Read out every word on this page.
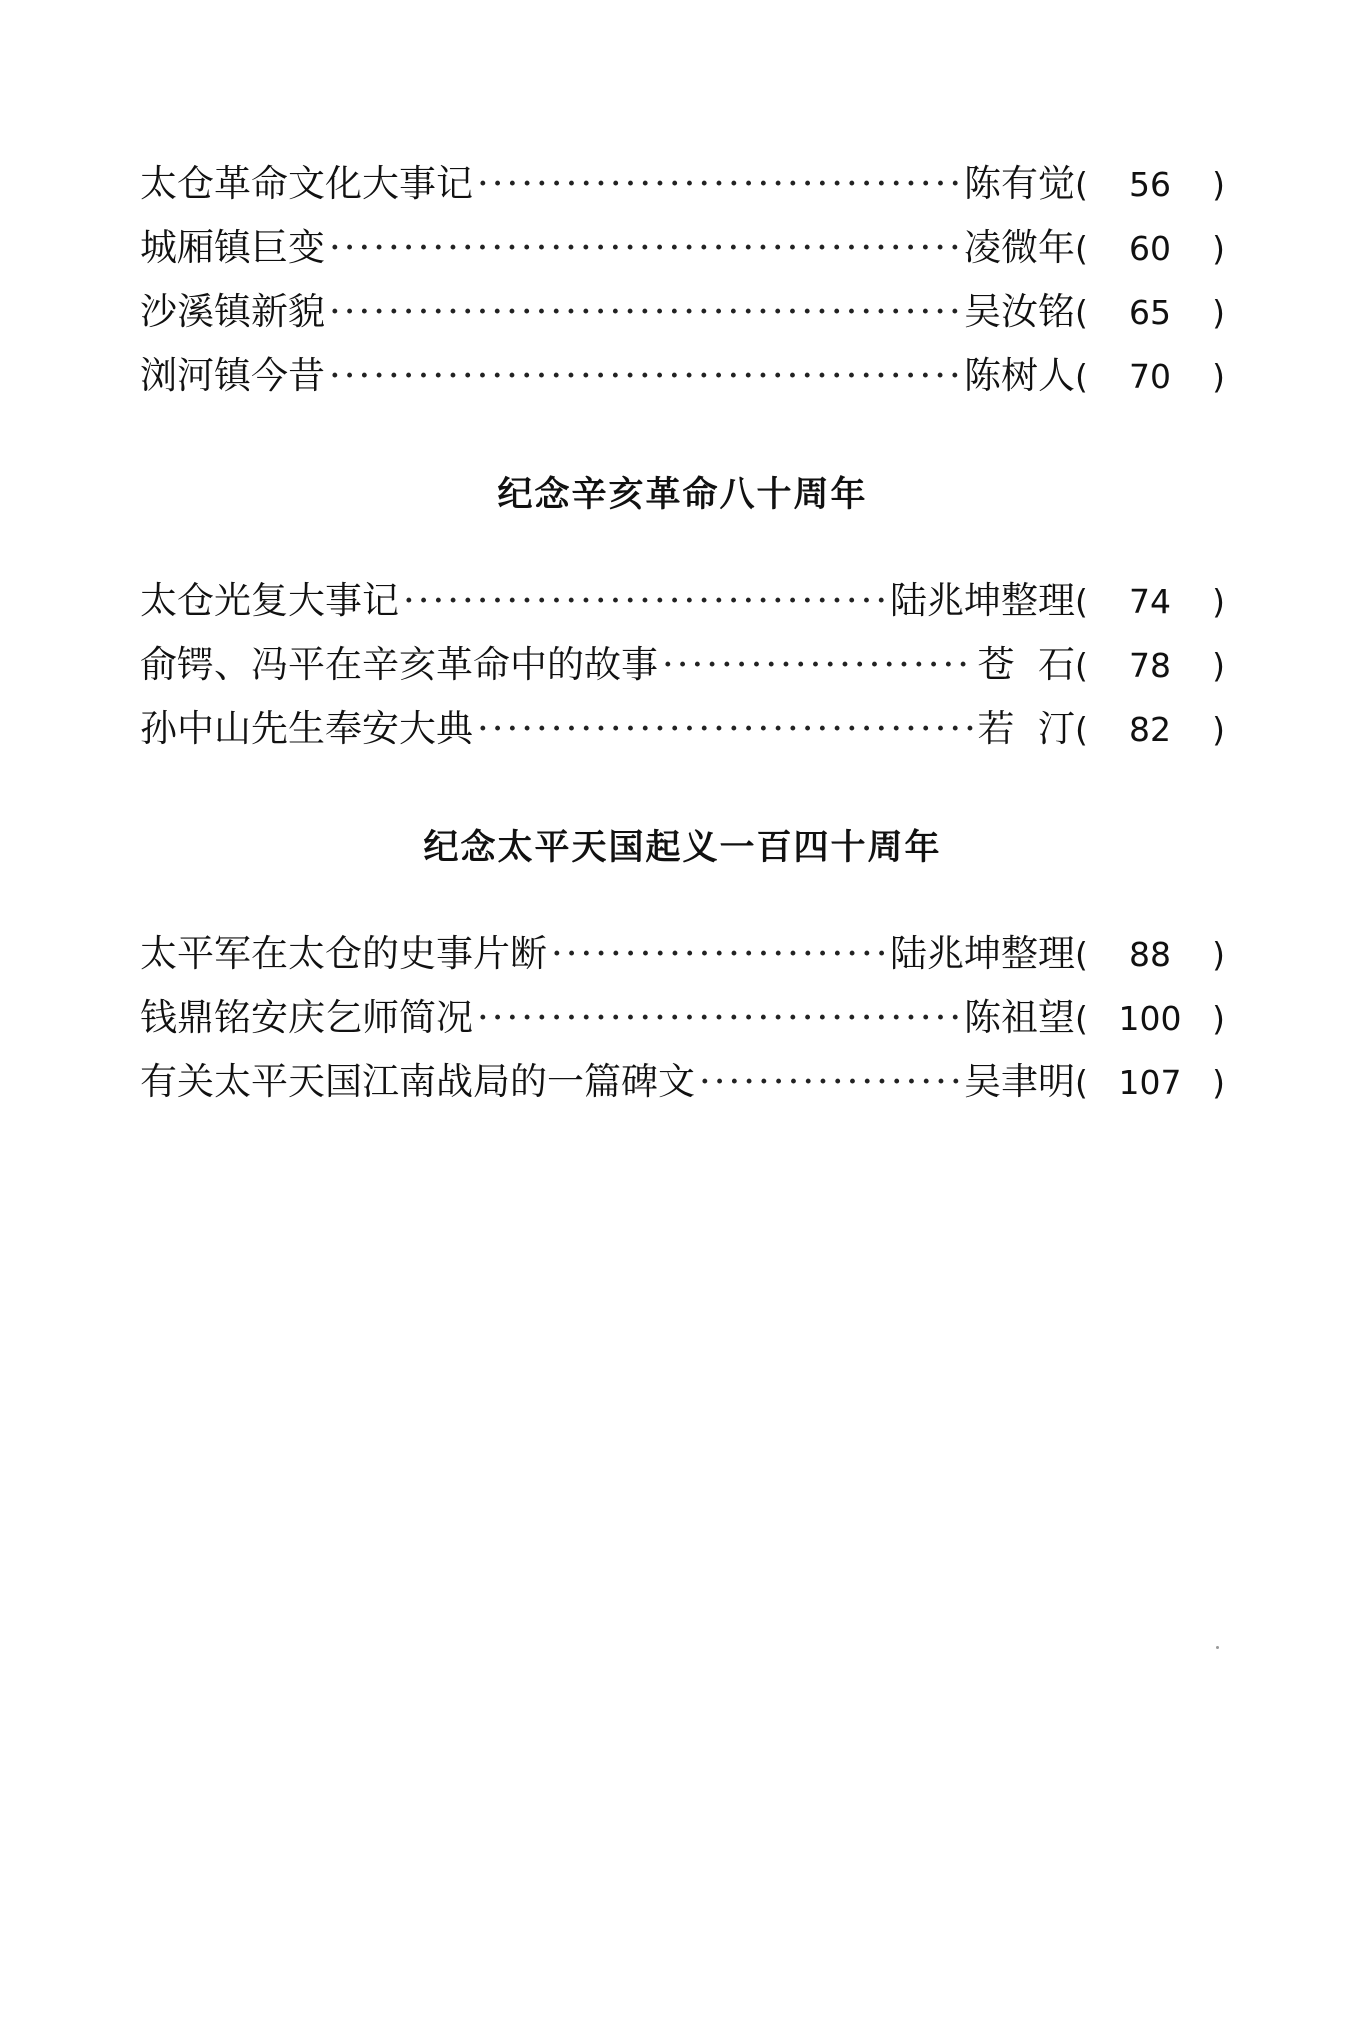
太仓革命文化大事记 ·····	陈有觉 (	56	)
城厢镇巨变 ·····	凌微年 (	60	)
沙溪镇新貌 ·····	吴汝铭 (	65	)
浏河镇今昔 ·····	陈树人 (	70	)
纪念辛亥革命八十周年
太仓光复大事记 ·····	陆兆坤整理 (	74	)
俞锷、冯平在辛亥革命中的故事 ·····	苍  石 (	78	)
孙中山先生奉安大典 ·····	若  汀 (	82	)
纪念太平天国起义一百四十周年
太平军在太仓的史事片断 ·····	陆兆坤整理 (	88	)
钱鼎铭安庆乞师简况 ·····	陈祖望 ( 100 )
有关太平天国江南战局的一篇碑文 ·····	吴聿明 ( 107 )
